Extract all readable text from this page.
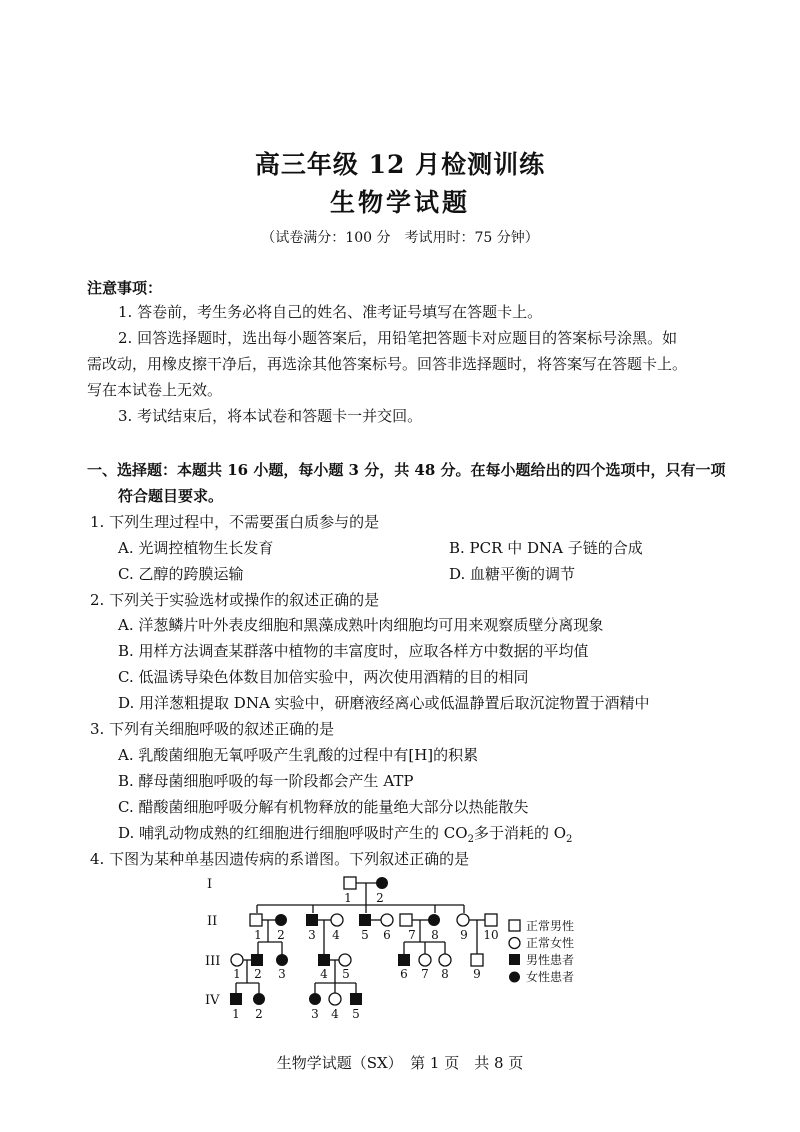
高三年级 12 月检测训练
生物学试题
（试卷满分：100 分　考试用时：75 分钟）
注意事项：
1. 答卷前，考生务必将自己的姓名、准考证号填写在答题卡上。
2. 回答选择题时，选出每小题答案后，用铅笔把答题卡对应题目的答案标号涂黑。如
需改动，用橡皮擦干净后，再选涂其他答案标号。回答非选择题时，将答案写在答题卡上。
写在本试卷上无效。
3. 考试结束后，将本试卷和答题卡一并交回。
一、选择题：本题共 16 小题，每小题 3 分，共 48 分。在每小题给出的四个选项中，只有一项
符合题目要求。
1. 下列生理过程中，不需要蛋白质参与的是
A. 光调控植物生长发育	B. PCR 中 DNA 子链的合成
C. 乙醇的跨膜运输	D. 血糖平衡的调节
2. 下列关于实验选材或操作的叙述正确的是
A. 洋葱鳞片叶外表皮细胞和黑藻成熟叶肉细胞均可用来观察质壁分离现象
B. 用样方法调查某群落中植物的丰富度时，应取各样方中数据的平均值
C. 低温诱导染色体数目加倍实验中，两次使用酒精的目的相同
D. 用洋葱粗提取 DNA 实验中，研磨液经离心或低温静置后取沉淀物置于酒精中
3. 下列有关细胞呼吸的叙述正确的是
A. 乳酸菌细胞无氧呼吸产生乳酸的过程中有[H]的积累
B. 酵母菌细胞呼吸的每一阶段都会产生 ATP
C. 醋酸菌细胞呼吸分解有机物释放的能量绝大部分以热能散失
D. 哺乳动物成熟的红细胞进行细胞呼吸时产生的 $CO_2$多于消耗的 $O_2$
4. 下图为某种单基因遗传病的系谱图。下列叙述正确的是
I
II
III
IV
1 2
1 2 3 4 5 6 7 8 9 10
1 2 3	4 5	6 7 8 9
1 2	3 4 5
正常男性
正常女性
男性患者
女性患者
生物学试题（SX）　第 1 页　共 8 页
